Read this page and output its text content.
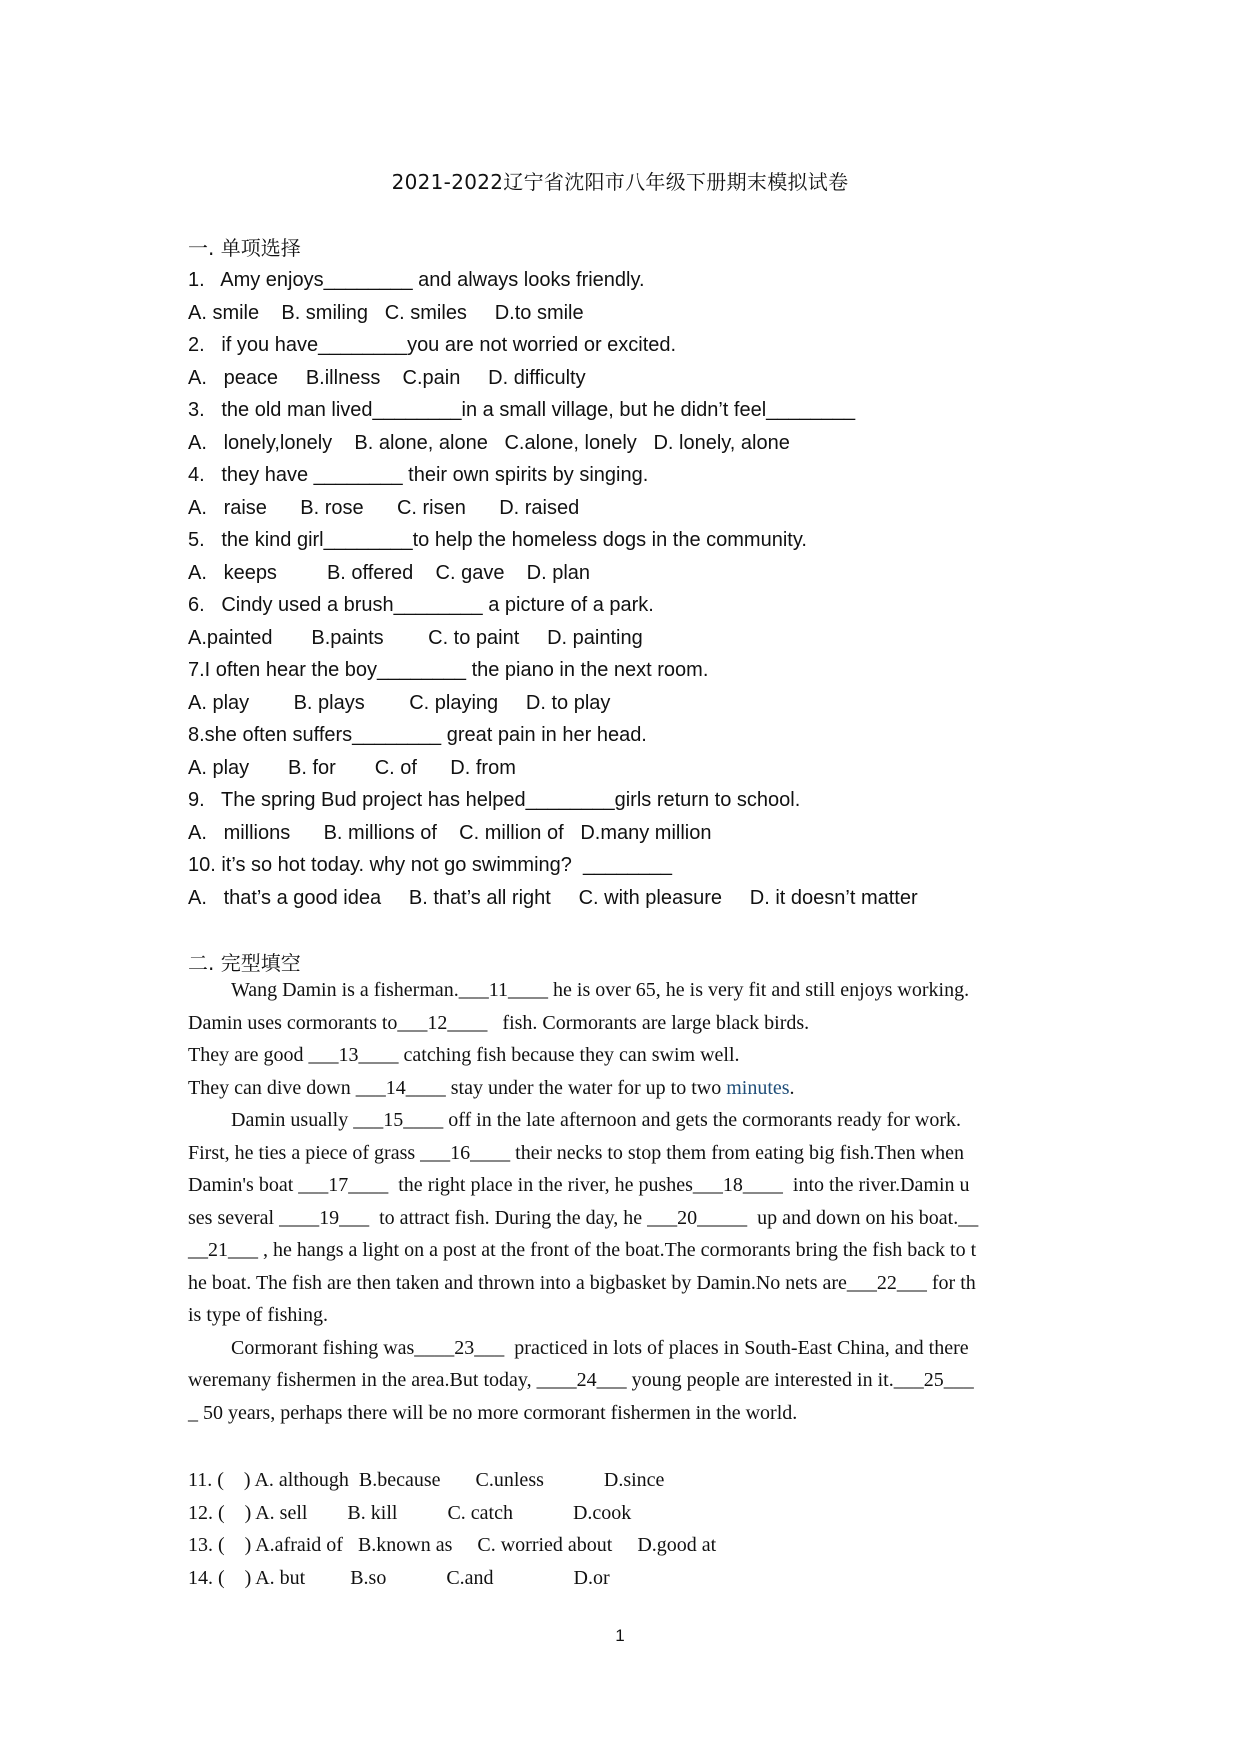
2021-2022辽宁省沈阳市八年级下册期末模拟试卷
一. 单项选择
1.   Amy enjoys________ and always looks friendly.
A. smile    B. smiling   C. smiles     D.to smile
2.   if you have________you are not worried or excited.
A.   peace     B.illness    C.pain     D. difficulty
3.   the old man lived________in a small village, but he didn’t feel________
A.   lonely,lonely    B. alone, alone   C.alone, lonely   D. lonely, alone
4.   they have ________ their own spirits by singing.
A.   raise      B. rose      C. risen      D. raised
5.   the kind girl________to help the homeless dogs in the community.
A.   keeps         B. offered    C. gave    D. plan
6.   Cindy used a brush________ a picture of a park.
A.painted       B.paints        C. to paint     D. painting
7.I often hear the boy________ the piano in the next room.
A. play        B. plays        C. playing     D. to play
8.she often suffers________ great pain in her head.
A. play       B. for       C. of      D. from
9.   The spring Bud project has helped________girls return to school.
A.   millions      B. millions of    C. million of   D.many million
10. it’s so hot today. why not go swimming?  ________
A.   that’s a good idea     B. that’s all right     C. with pleasure     D. it doesn’t matter
二. 完型填空
Wang Damin is a fisherman.___11____ he is over 65, he is very fit and still enjoys working.
Damin uses cormorants to___12____   fish. Cormorants are large black birds.
They are good ___13____ catching fish because they can swim well.
They can dive down ___14____ stay under the water for up to two minutes.
Damin usually ___15____ off in the late afternoon and gets the cormorants ready for work.
First, he ties a piece of grass ___16____ their necks to stop them from eating big fish.Then when
Damin's boat ___17____  the right place in the river, he pushes___18____  into the river.Damin u
ses several ____19___  to attract fish. During the day, he ___20_____  up and down on his boat.__
__21___ , he hangs a light on a post at the front of the boat.The cormorants bring the fish back to t
he boat. The fish are then taken and thrown into a bigbasket by Damin.No nets are___22___ for th
is type of fishing.
Cormorant fishing was____23___  practiced in lots of places in South-East China, and there
weremany fishermen in the area.But today, ____24___ young people are interested in it.___25___
_ 50 years, perhaps there will be no more cormorant fishermen in the world.
11. (    ) A. although  B.because       C.unless            D.since
12. (    ) A. sell        B. kill          C. catch            D.cook
13. (    ) A.afraid of   B.known as     C. worried about     D.good at
14. (    ) A. but         B.so            C.and                D.or
1
